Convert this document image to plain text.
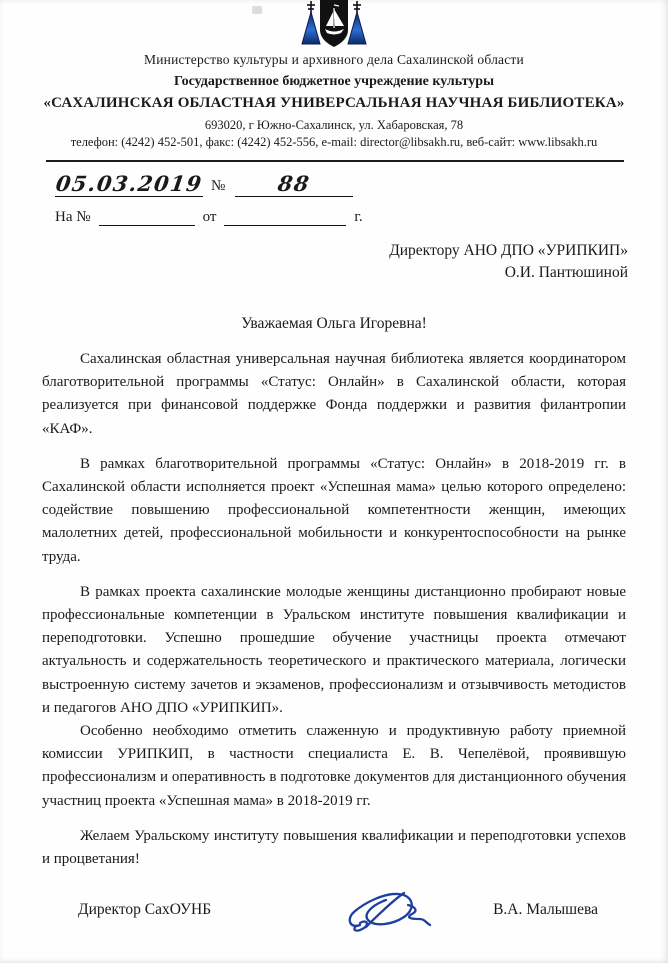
Министерство культуры и архивного дела Сахалинской области
Государственное бюджетное учреждение культуры
«САХАЛИНСКАЯ ОБЛАСТНАЯ УНИВЕРСАЛЬНАЯ НАУЧНАЯ БИБЛИОТЕКА»
693020, г Южно-Сахалинск, ул. Хабаровская, 78
телефон: (4242) 452-501, факс: (4242) 452-556, e-mail: director@libsakh.ru, веб-сайт: www.libsakh.ru
05.03.2019 № 88
На №	от	г.
Директору АНО ДПО «УРИПКИП»
О.И. Пантюшиной
Уважаемая Ольга Игоревна!

Сахалинская областная универсальная научная библиотека является координатором благотворительной программы «Статус: Онлайн» в Сахалинской области, которая реализуется при финансовой поддержке Фонда поддержки и развития филантропии «КАФ».

В рамках благотворительной программы «Статус: Онлайн» в 2018-2019 гг. в Сахалинской области исполняется проект «Успешная мама» целью которого определено: содействие повышению профессиональной компетентности женщин, имеющих малолетних детей, профессиональной мобильности и конкурентоспособности на рынке труда.

В рамках проекта сахалинские молодые женщины дистанционно пробирают новые профессиональные компетенции в Уральском институте повышения квалификации и переподготовки. Успешно прошедшие обучение участницы проекта отмечают актуальность и содержательность теоретического и практического материала, логически выстроенную систему зачетов и экзаменов, профессионализм и отзывчивость методистов и педагогов АНО ДПО «УРИПКИП».

Особенно необходимо отметить слаженную и продуктивную работу приемной комиссии УРИПКИП, в частности специалиста Е. В. Чепелёвой, проявившую профессионализм и оперативность в подготовке документов для дистанционного обучения участниц проекта «Успешная мама» в 2018-2019 гг.

Желаем Уральскому институту повышения квалификации и переподготовки успехов и процветания!

Директор СахОУНБ	В.А. Малышева
